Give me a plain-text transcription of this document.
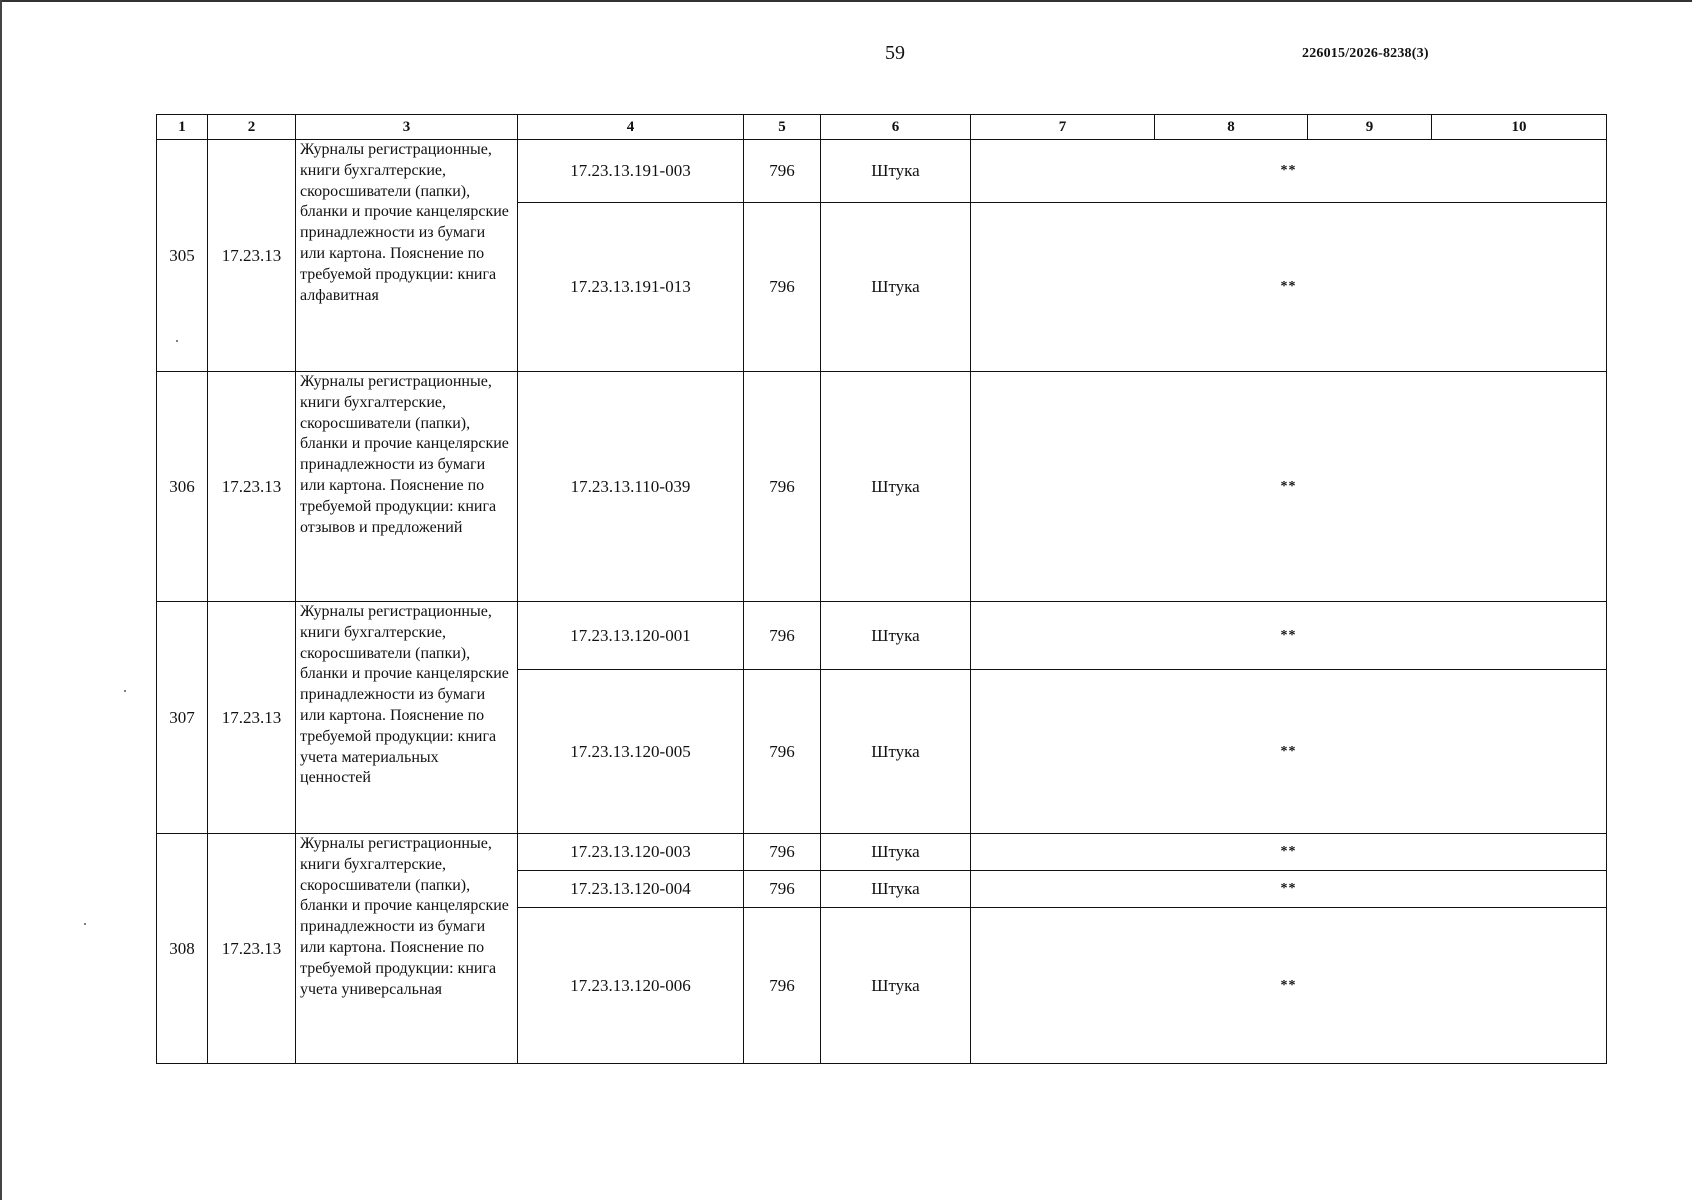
59	226015/2026-8238(3)
1	2	3	4	5	6	7	8	9	10
305	17.23.13	Журналы регистрационные, книги бухгалтерские, скоросшиватели (папки), бланки и прочие канцелярские принадлежности из бумаги или картона. Пояснение по требуемой продукции: книга алфавитная	17.23.13.191-003	796	Штука	**			
			17.23.13.191-013	796	Штука	**			
306	17.23.13	Журналы регистрационные, книги бухгалтерские, скоросшиватели (папки), бланки и прочие канцелярские принадлежности из бумаги или картона. Пояснение по требуемой продукции: книга отзывов и предложений	17.23.13.110-039	796	Штука	**			
307	17.23.13	Журналы регистрационные, книги бухгалтерские, скоросшиватели (папки), бланки и прочие канцелярские принадлежности из бумаги или картона. Пояснение по требуемой продукции: книга учета материальных ценностей	17.23.13.120-001	796	Штука	**			
			17.23.13.120-005	796	Штука	**			
308	17.23.13	Журналы регистрационные, книги бухгалтерские, скоросшиватели (папки), бланки и прочие канцелярские принадлежности из бумаги или картона. Пояснение по требуемой продукции: книга учета универсальная	17.23.13.120-003	796	Штука	**			
			17.23.13.120-004	796	Штука	**			
			17.23.13.120-006	796	Штука	**			
